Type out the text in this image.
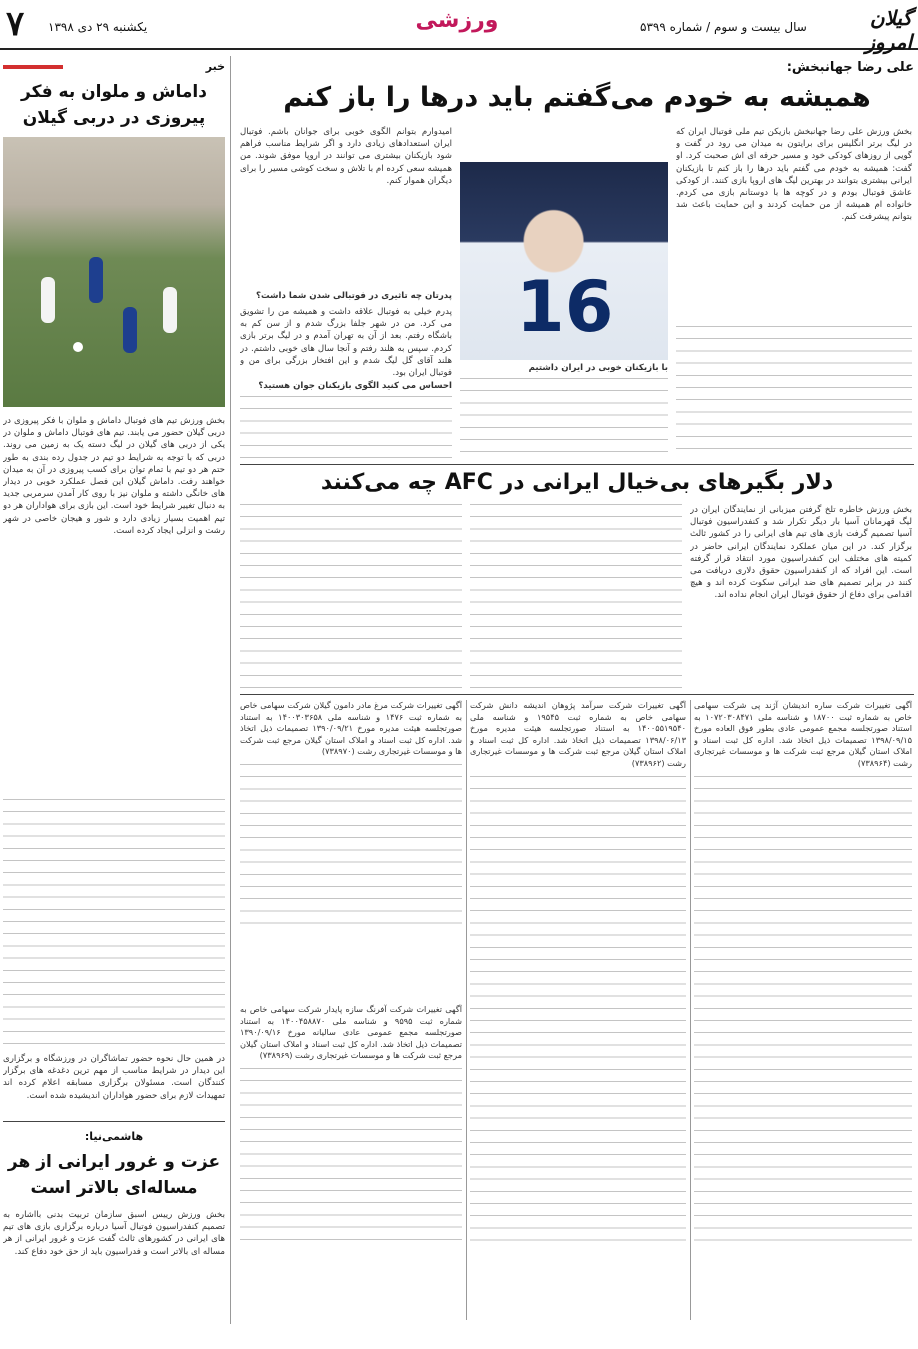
۷ یکشنبه ۲۹ دی ۱۳۹۸	ورزشی	سال بیست و سوم / شماره ۵۳۹۹	گیلان امروز
خبر
داماش و ملوان به فکر پیروزی در دربی گیلان
بخش ورزش تیم های فوتبال داماش و ملوان با فکر پیروزی در دربی گیلان حضور می یابند. تیم های فوتبال داماش و ملوان در یکی از دربی های گیلان در لیگ دسته یک به زمین می روند. دربی که با توجه به شرایط دو تیم در جدول رده بندی به طور حتم هر دو تیم با تمام توان برای کسب پیروزی در آن به میدان خواهند رفت. داماش گیلان این فصل عملکرد خوبی در دیدار های خانگی داشته و ملوان نیز با روی کار آمدن سرمربی جدید به دنبال تغییر شرایط خود است. این بازی برای هواداران هر دو تیم اهمیت بسیار زیادی دارد و شور و هیجان خاصی در شهر رشت و انزلی ایجاد کرده است.
در همین حال نحوه حضور تماشاگران در ورزشگاه و برگزاری این دیدار در شرایط مناسب از مهم ترین دغدغه های برگزار کنندگان است. مسئولان برگزاری مسابقه اعلام کرده اند تمهیدات لازم برای حضور هواداران اندیشیده شده است.
هاشمی‌نیا:
عزت و غرور ایرانی از هر مساله‌ای بالاتر است
بخش ورزش رییس اسبق سازمان تربیت بدنی بااشاره به تصمیم کنفدراسیون فوتبال آسیا درباره برگزاری بازی های تیم های ایرانی در کشورهای ثالث گفت عزت و غرور ایرانی از هر مساله ای بالاتر است و فدراسیون باید از حق خود دفاع کند.
علی رضا جهانبخش:
همیشه به خودم می‌گفتم باید درها را باز کنم
بخش ورزش علی رضا جهانبخش بازیکن تیم ملی فوتبال ایران که در لیگ برتر انگلیس برای برایتون به میدان می رود در گفت و گویی از روزهای کودکی خود و مسیر حرفه ای اش صحبت کرد. او گفت: همیشه به خودم می گفتم باید درها را باز کنم تا بازیکنان ایرانی بیشتری بتوانند در بهترین لیگ های اروپا بازی کنند. از کودکی عاشق فوتبال بودم و در کوچه ها با دوستانم بازی می کردم. خانواده ام همیشه از من حمایت کردند و این حمایت باعث شد بتوانم پیشرفت کنم.
16
با بازیکنان خوبی در ایران داشتیم
امیدوارم بتوانم الگوی خوبی برای جوانان باشم. فوتبال ایران استعدادهای زیادی دارد و اگر شرایط مناسب فراهم شود بازیکنان بیشتری می توانند در اروپا موفق شوند. من همیشه سعی کرده ام با تلاش و سخت کوشی مسیر را برای دیگران هموار کنم.
پدرتان چه تاثیری در فوتبالی شدن شما داشت؟
پدرم خیلی به فوتبال علاقه داشت و همیشه من را تشویق می کرد. من در شهر جلفا بزرگ شدم و از سن کم به باشگاه رفتم. بعد از آن به تهران آمدم و در لیگ برتر بازی کردم. سپس به هلند رفتم و آنجا سال های خوبی داشتم. در هلند آقای گل لیگ شدم و این افتخار بزرگی برای من و فوتبال ایران بود.
احساس می کنید الگوی بازیکنان جوان هستید؟
دلار بگیرهای بی‌خیال ایرانی در AFC چه می‌کنند
بخش ورزش خاطره تلخ گرفتن میزبانی از نمایندگان ایران در لیگ قهرمانان آسیا بار دیگر تکرار شد و کنفدراسیون فوتبال آسیا تصمیم گرفت بازی های تیم های ایرانی را در کشور ثالث برگزار کند. در این میان عملکرد نمایندگان ایرانی حاضر در کمیته های مختلف این کنفدراسیون مورد انتقاد قرار گرفته است. این افراد که از کنفدراسیون حقوق دلاری دریافت می کنند در برابر تصمیم های ضد ایرانی سکوت کرده اند و هیچ اقدامی برای دفاع از حقوق فوتبال ایران انجام نداده اند.

آگهی تغییرات شرکت ساره اندیشان آژند پی شرکت سهامی خاص به شماره ثبت ۱۸۷۰۰ و شناسه ملی ۱۰۷۲۰۳۰۸۴۷۱ به استناد صورتجلسه مجمع عمومی عادی بطور فوق العاده مورخ ۱۳۹۸/۰۹/۱۵ تصمیمات ذیل اتخاذ شد. اداره کل ثبت اسناد و املاک استان گیلان مرجع ثبت شرکت ها و موسسات غیرتجاری رشت (۷۳۸۹۶۴)

آگهی تغییرات شرکت سرآمد پژوهان اندیشه دانش شرکت سهامی خاص به شماره ثبت ۱۹۵۴۵ و شناسه ملی ۱۴۰۰۵۵۱۹۵۴۰ به استناد صورتجلسه هیئت مدیره مورخ ۱۳۹۸/۰۶/۱۳ تصمیمات ذیل اتخاذ شد. اداره کل ثبت اسناد و املاک استان گیلان مرجع ثبت شرکت ها و موسسات غیرتجاری رشت (۷۳۸۹۶۲)

آگهی تغییرات شرکت مرغ مادر دامون گیلان شرکت سهامی خاص به شماره ثبت ۱۴۷۶ و شناسه ملی ۱۴۰۰۳۰۳۶۵۸ به استناد صورتجلسه هیئت مدیره مورخ ۱۳۹۰/۰۹/۲۱ تصمیمات ذیل اتخاذ شد. اداره کل ثبت اسناد و املاک استان گیلان مرجع ثبت شرکت ها و موسسات غیرتجاری رشت (۷۳۸۹۷۰)

آگهی تغییرات شرکت آفرنگ سازه پایدار شرکت سهامی خاص به شماره ثبت ۹۵۹۵ و شناسه ملی ۱۴۰۰۴۵۸۸۷۰ به استناد صورتجلسه مجمع عمومی عادی سالیانه مورخ ۱۳۹۰/۰۹/۱۶ تصمیمات ذیل اتخاذ شد. اداره کل ثبت اسناد و املاک استان گیلان مرجع ثبت شرکت ها و موسسات غیرتجاری رشت (۷۳۸۹۶۹)
